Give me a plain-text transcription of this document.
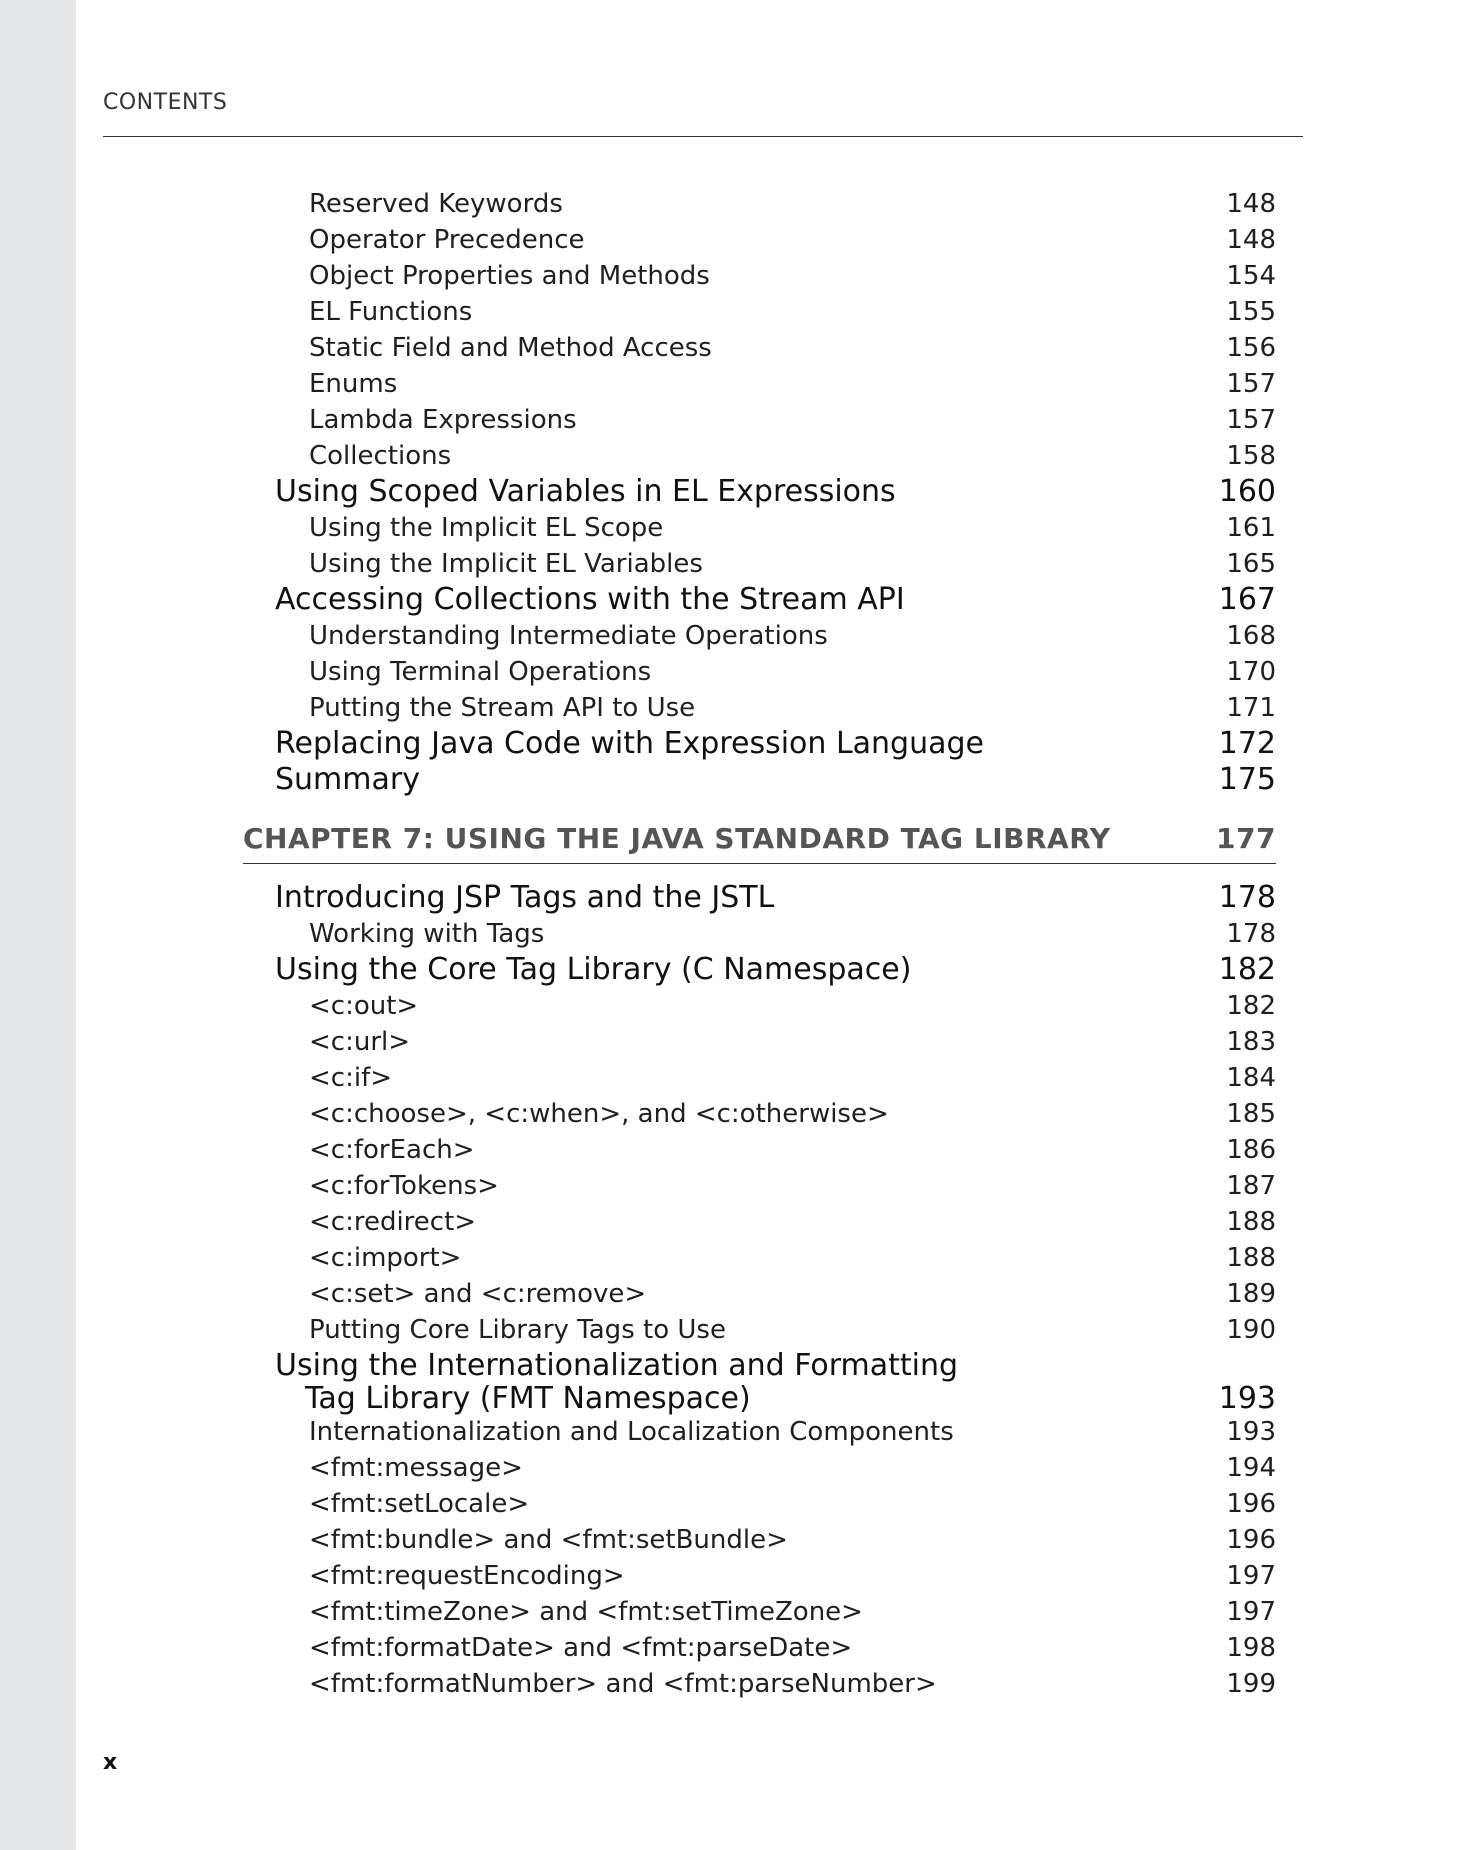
CONTENTS
Reserved Keywords	148
Operator Precedence	148
Object Properties and Methods	154
EL Functions	155
Static Field and Method Access	156
Enums	157
Lambda Expressions	157
Collections	158
Using Scoped Variables in EL Expressions	160
Using the Implicit EL Scope	161
Using the Implicit EL Variables	165
Accessing Collections with the Stream API	167
Understanding Intermediate Operations	168
Using Terminal Operations	170
Putting the Stream API to Use	171
Replacing Java Code with Expression Language	172
Summary	175
CHAPTER 7: USING THE JAVA STANDARD TAG LIBRARY	177
Introducing JSP Tags and the JSTL	178
Working with Tags	178
Using the Core Tag Library (C Namespace)	182
<c:out>	182
<c:url>	183
<c:if>	184
<c:choose>, <c:when>, and <c:otherwise>	185
<c:forEach>	186
<c:forTokens>	187
<c:redirect>	188
<c:import>	188
<c:set> and <c:remove>	189
Putting Core Library Tags to Use	190
Using the Internationalization and Formatting
Tag Library (FMT Namespace)	193
Internationalization and Localization Components	193
<fmt:message>	194
<fmt:setLocale>	196
<fmt:bundle> and <fmt:setBundle>	196
<fmt:requestEncoding>	197
<fmt:timeZone> and <fmt:setTimeZone>	197
<fmt:formatDate> and <fmt:parseDate>	198
<fmt:formatNumber> and <fmt:parseNumber>	199
x
